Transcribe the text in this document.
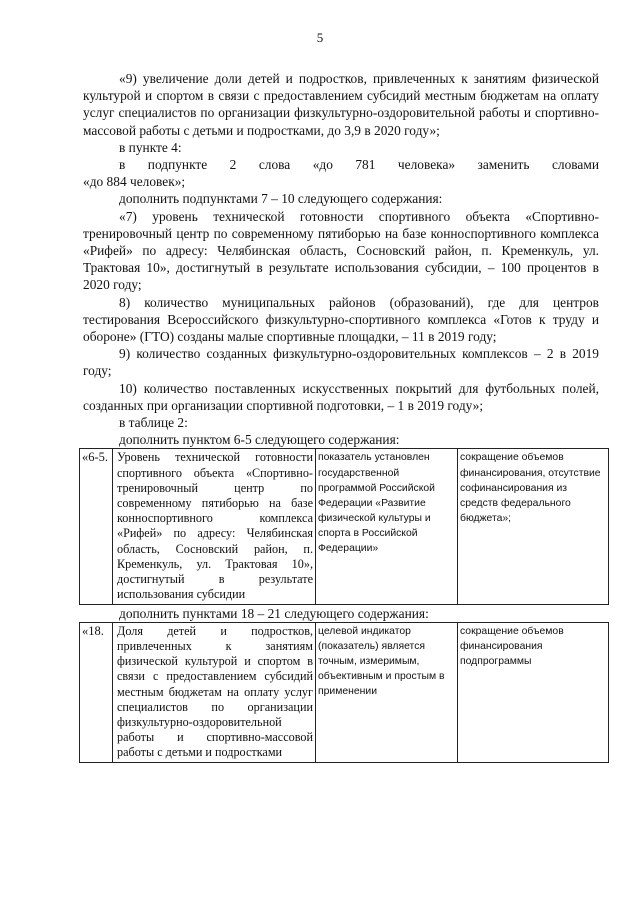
5

«9) увеличение доли детей и подростков, привлеченных к занятиям физической культурой и спортом в связи с предоставлением субсидий местным бюджетам на оплату услуг специалистов по организации физкультурно-оздоровительной работы и спортивно-массовой работы с детьми и подростками, до 3,9 в 2020 году»;

в пункте 4:

в подпункте 2 слова «до 781 человека» заменить словами

«до 884 человек»;

дополнить подпунктами 7 – 10 следующего содержания:

«7) уровень технической готовности спортивного объекта «Спортивно-тренировочный центр по современному пятиборью на базе конноспортивного комплекса «Рифей» по адресу: Челябинская область, Сосновский район, п. Кременкуль, ул. Трактовая 10», достигнутый в результате использования субсидии, – 100 процентов в 2020 году;

8) количество муниципальных районов (образований), где для центров тестирования Всероссийского физкультурно-спортивного комплекса «Готов к труду и обороне» (ГТО) созданы малые спортивные площадки, – 11 в 2019 году;

9) количество созданных физкультурно-оздоровительных комплексов – 2 в 2019 году;

10) количество поставленных искусственных покрытий для футбольных полей, созданных при организации спортивной подготовки, – 1 в 2019 году»;

в таблице 2:

дополнить пунктом 6-5 следующего содержания:

«6-5.	Уровень технической готовности спортивного объекта «Спортивно-тренировочный центр по современному пятиборью на базе конноспортивного комплекса «Рифей» по адресу: Челябинская область, Сосновский район, п. Кременкуль, ул. Трактовая 10», достигнутый в результате использования субсидии	показатель установлен государственной программой Российской Федерации «Развитие физической культуры и спорта в Российской Федерации»	сокращение объемов финансирования, отсутствие софинансирования из средств федерального бюджета»;

дополнить пунктами 18 – 21 следующего содержания:

«18.	Доля детей и подростков, привлеченных к занятиям физической культурой и спортом в связи с предоставлением субсидий местным бюджетам на оплату услуг специалистов по организации физкультурно-оздоровительной работы и спортивно-массовой работы с детьми и подростками	целевой индикатор (показатель) является точным, измеримым, объективным и простым в применении	сокращение объемов финансирования подпрограммы
